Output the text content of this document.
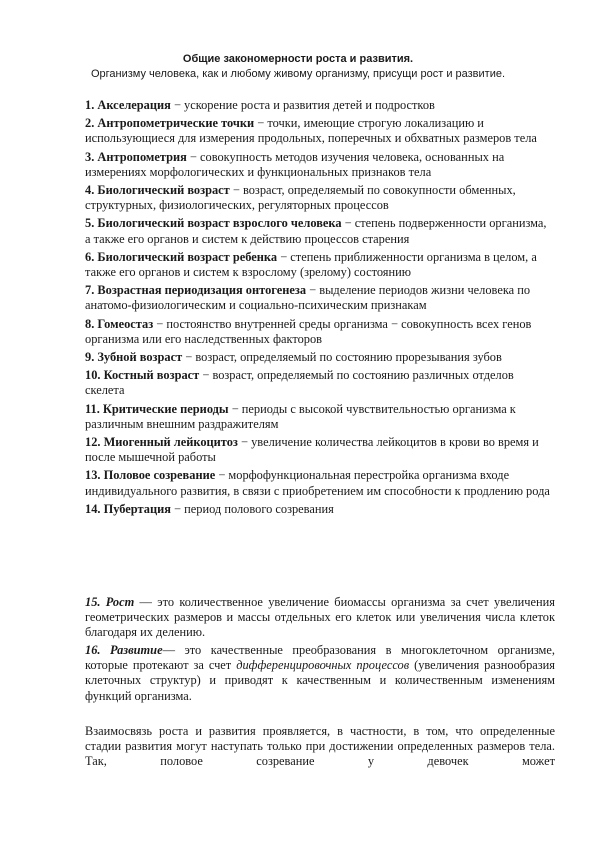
Общие закономерности роста и развития.
Организму человека, как и любому живому организму, присущи рост и развитие.
1. Акселерация − ускорение роста и развития детей и подростков
2. Антропометрические точки − точки, имеющие строгую локализацию и использующиеся для измерения продольных, поперечных и обхватных размеров тела
3. Антропометрия − совокупность методов изучения человека, основанных на измерениях морфологических и функциональных признаков тела
4. Биологический возраст − возраст, определяемый по совокупности обменных, структурных, физиологических, регуляторных процессов
5. Биологический возраст взрослого человека − степень подверженности организма, а также его органов и систем к действию процессов старения
6. Биологический возраст ребенка − степень приближенности организма в целом, а также его органов и систем к взрослому (зрелому) состоянию
7. Возрастная периодизация онтогенеза − выделение периодов жизни человека по анатомо-физиологическим и социально-психическим признакам
8. Гомеостаз − постоянство внутренней среды организма − совокупность всех генов организма или его наследственных факторов
9. Зубной возраст − возраст, определяемый по состоянию прорезывания зубов
10. Костный возраст − возраст, определяемый по состоянию различных отделов скелета
11. Критические периоды − периоды с высокой чувствительностью организма к различным внешним раздражителям
12. Миогенный лейкоцитоз − увеличение количества лейкоцитов в крови во время и после мышечной работы
13. Половое созревание − морфофункциональная перестройка организма входе индивидуального развития, в связи с приобретением им способности к продлению рода
14. Пубертация − период полового созревания
15. Рост — это количественное увеличение биомассы организма за счет увеличения геометрических размеров и массы отдельных его клеток или увеличения числа клеток благодаря их делению.
16. Развитие— это качественные преобразования в многоклеточном организме, которые протекают за счет дифференцировочных процессов (увеличения разнообразия клеточных структур) и приводят к качественным и количественным изменениям функций организма.
Взаимосвязь роста и развития проявляется, в частности, в том, что определенные стадии развития могут наступать только при достижении определенных размеров тела. Так, половое созревание у девочек может
